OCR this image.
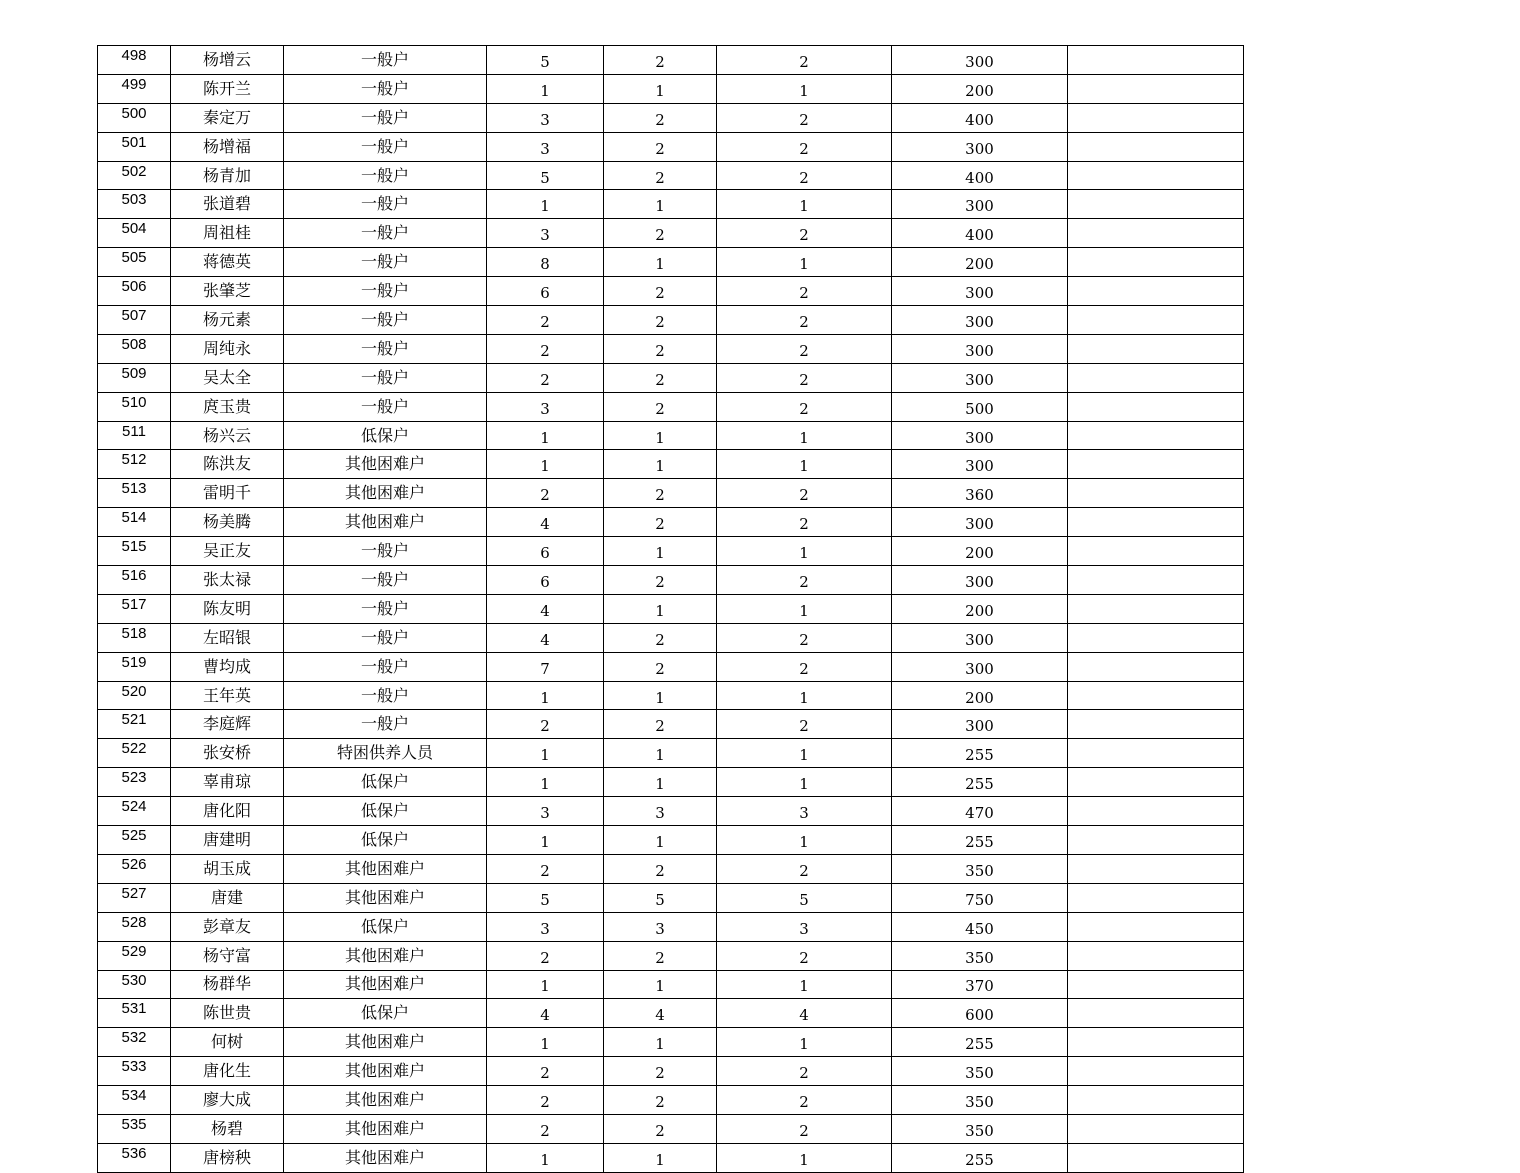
498	杨增云	一般户	5	2	2	300	
499	陈开兰	一般户	1	1	1	200	
500	秦定万	一般户	3	2	2	400	
501	杨增福	一般户	3	2	2	300	
502	杨青加	一般户	5	2	2	400	
503	张道碧	一般户	1	1	1	300	
504	周祖桂	一般户	3	2	2	400	
505	蒋德英	一般户	8	1	1	200	
506	张肇芝	一般户	6	2	2	300	
507	杨元素	一般户	2	2	2	300	
508	周纯永	一般户	2	2	2	300	
509	吴太全	一般户	2	2	2	300	
510	庹玉贵	一般户	3	2	2	500	
511	杨兴云	低保户	1	1	1	300	
512	陈洪友	其他困难户	1	1	1	300	
513	雷明千	其他困难户	2	2	2	360	
514	杨美腾	其他困难户	4	2	2	300	
515	吴正友	一般户	6	1	1	200	
516	张太禄	一般户	6	2	2	300	
517	陈友明	一般户	4	1	1	200	
518	左昭银	一般户	4	2	2	300	
519	曹均成	一般户	7	2	2	300	
520	王年英	一般户	1	1	1	200	
521	李庭辉	一般户	2	2	2	300	
522	张安桥	特困供养人员	1	1	1	255	
523	辜甫琼	低保户	1	1	1	255	
524	唐化阳	低保户	3	3	3	470	
525	唐建明	低保户	1	1	1	255	
526	胡玉成	其他困难户	2	2	2	350	
527	唐建	其他困难户	5	5	5	750	
528	彭章友	低保户	3	3	3	450	
529	杨守富	其他困难户	2	2	2	350	
530	杨群华	其他困难户	1	1	1	370	
531	陈世贵	低保户	4	4	4	600	
532	何树	其他困难户	1	1	1	255	
533	唐化生	其他困难户	2	2	2	350	
534	廖大成	其他困难户	2	2	2	350	
535	杨碧	其他困难户	2	2	2	350	
536	唐榜秧	其他困难户	1	1	1	255	
